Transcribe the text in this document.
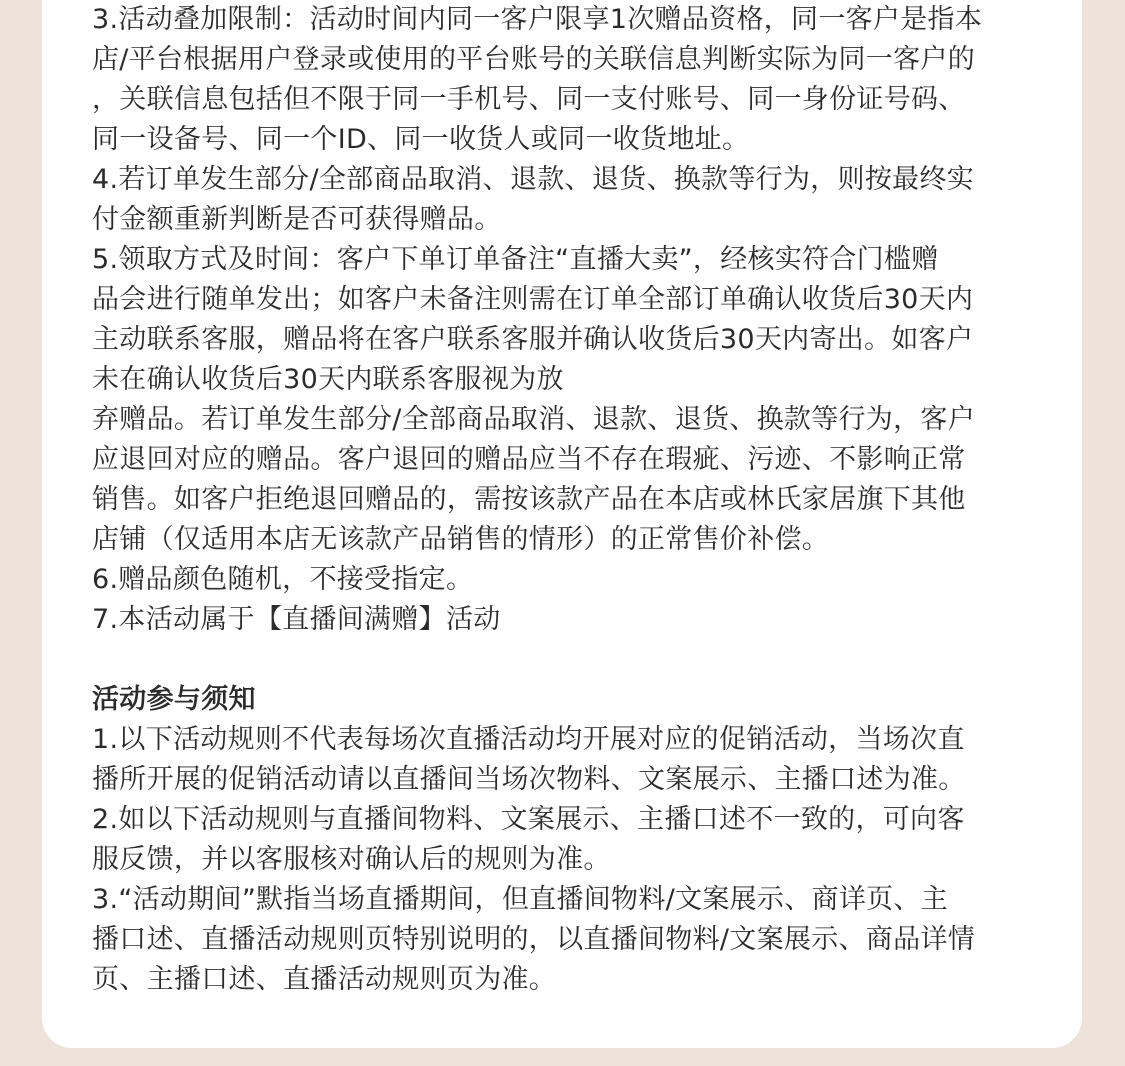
3.活动叠加限制：活动时间内同一客户限享1次赠品资格，同一客户是指本
店/平台根据用户登录或使用的平台账号的关联信息判断实际为同一客户的
，关联信息包括但不限于同一手机号、同一支付账号、同一身份证号码、
同一设备号、同一个ID、同一收货人或同一收货地址。
4.若订单发生部分/全部商品取消、退款、退货、换款等行为，则按最终实
付金额重新判断是否可获得赠品。
5.领取方式及时间：客户下单订单备注“直播大卖”，经核实符合门槛赠
品会进行随单发出；如客户未备注则需在订单全部订单确认收货后30天内
主动联系客服，赠品将在客户联系客服并确认收货后30天内寄出。如客户
未在确认收货后30天内联系客服视为放
弃赠品。若订单发生部分/全部商品取消、退款、退货、换款等行为，客户
应退回对应的赠品。客户退回的赠品应当不存在瑕疵、污迹、不影响正常
销售。如客户拒绝退回赠品的，需按该款产品在本店或林氏家居旗下其他
店铺（仅适用本店无该款产品销售的情形）的正常售价补偿。
6.赠品颜色随机，不接受指定。
7.本活动属于【直播间满赠】活动
活动参与须知
1.以下活动规则不代表每场次直播活动均开展对应的促销活动，当场次直
播所开展的促销活动请以直播间当场次物料、文案展示、主播口述为准。
2.如以下活动规则与直播间物料、文案展示、主播口述不一致的，可向客
服反馈，并以客服核对确认后的规则为准。
3.“活动期间”默指当场直播期间，但直播间物料/文案展示、商详页、主
播口述、直播活动规则页特别说明的，以直播间物料/文案展示、商品详情
页、主播口述、直播活动规则页为准。
